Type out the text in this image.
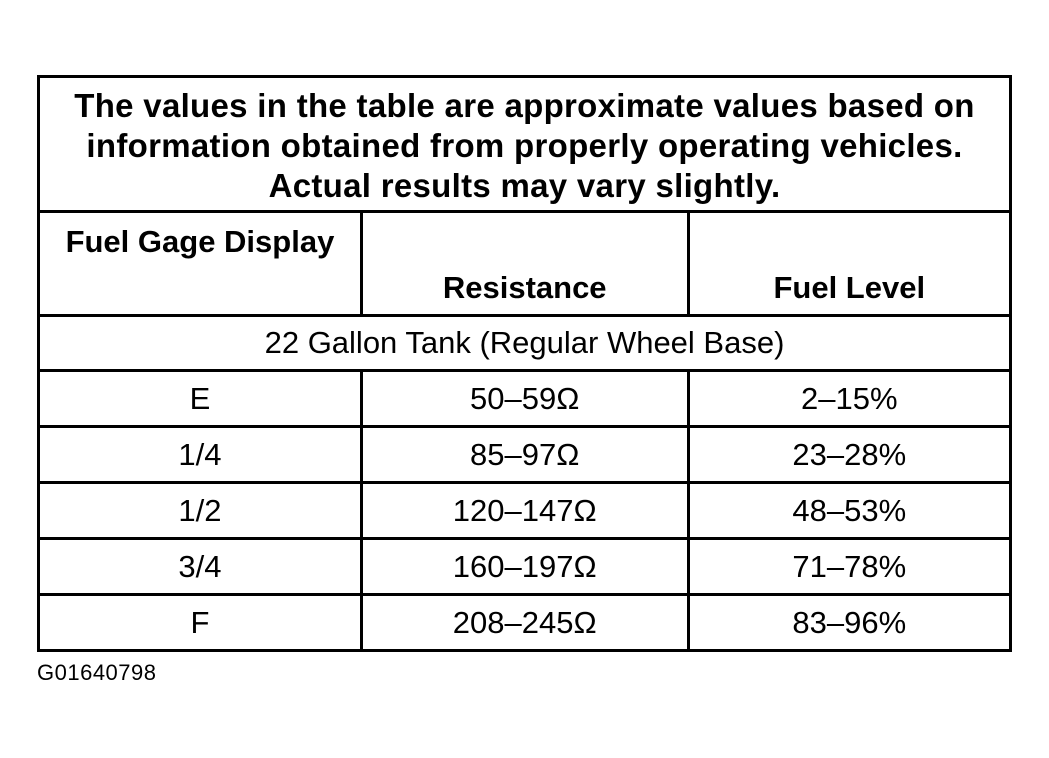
The values in the table are approximate values based on information obtained from properly operating vehicles. Actual results may vary slightly.		
Fuel Gage Display	Resistance	Fuel Level
22 Gallon Tank (Regular Wheel Base)		
E	50–59Ω	2–15%
1/4	85–97Ω	23–28%
1/2	120–147Ω	48–53%
3/4	160–197Ω	71–78%
F	208–245Ω	83–96%
G01640798
